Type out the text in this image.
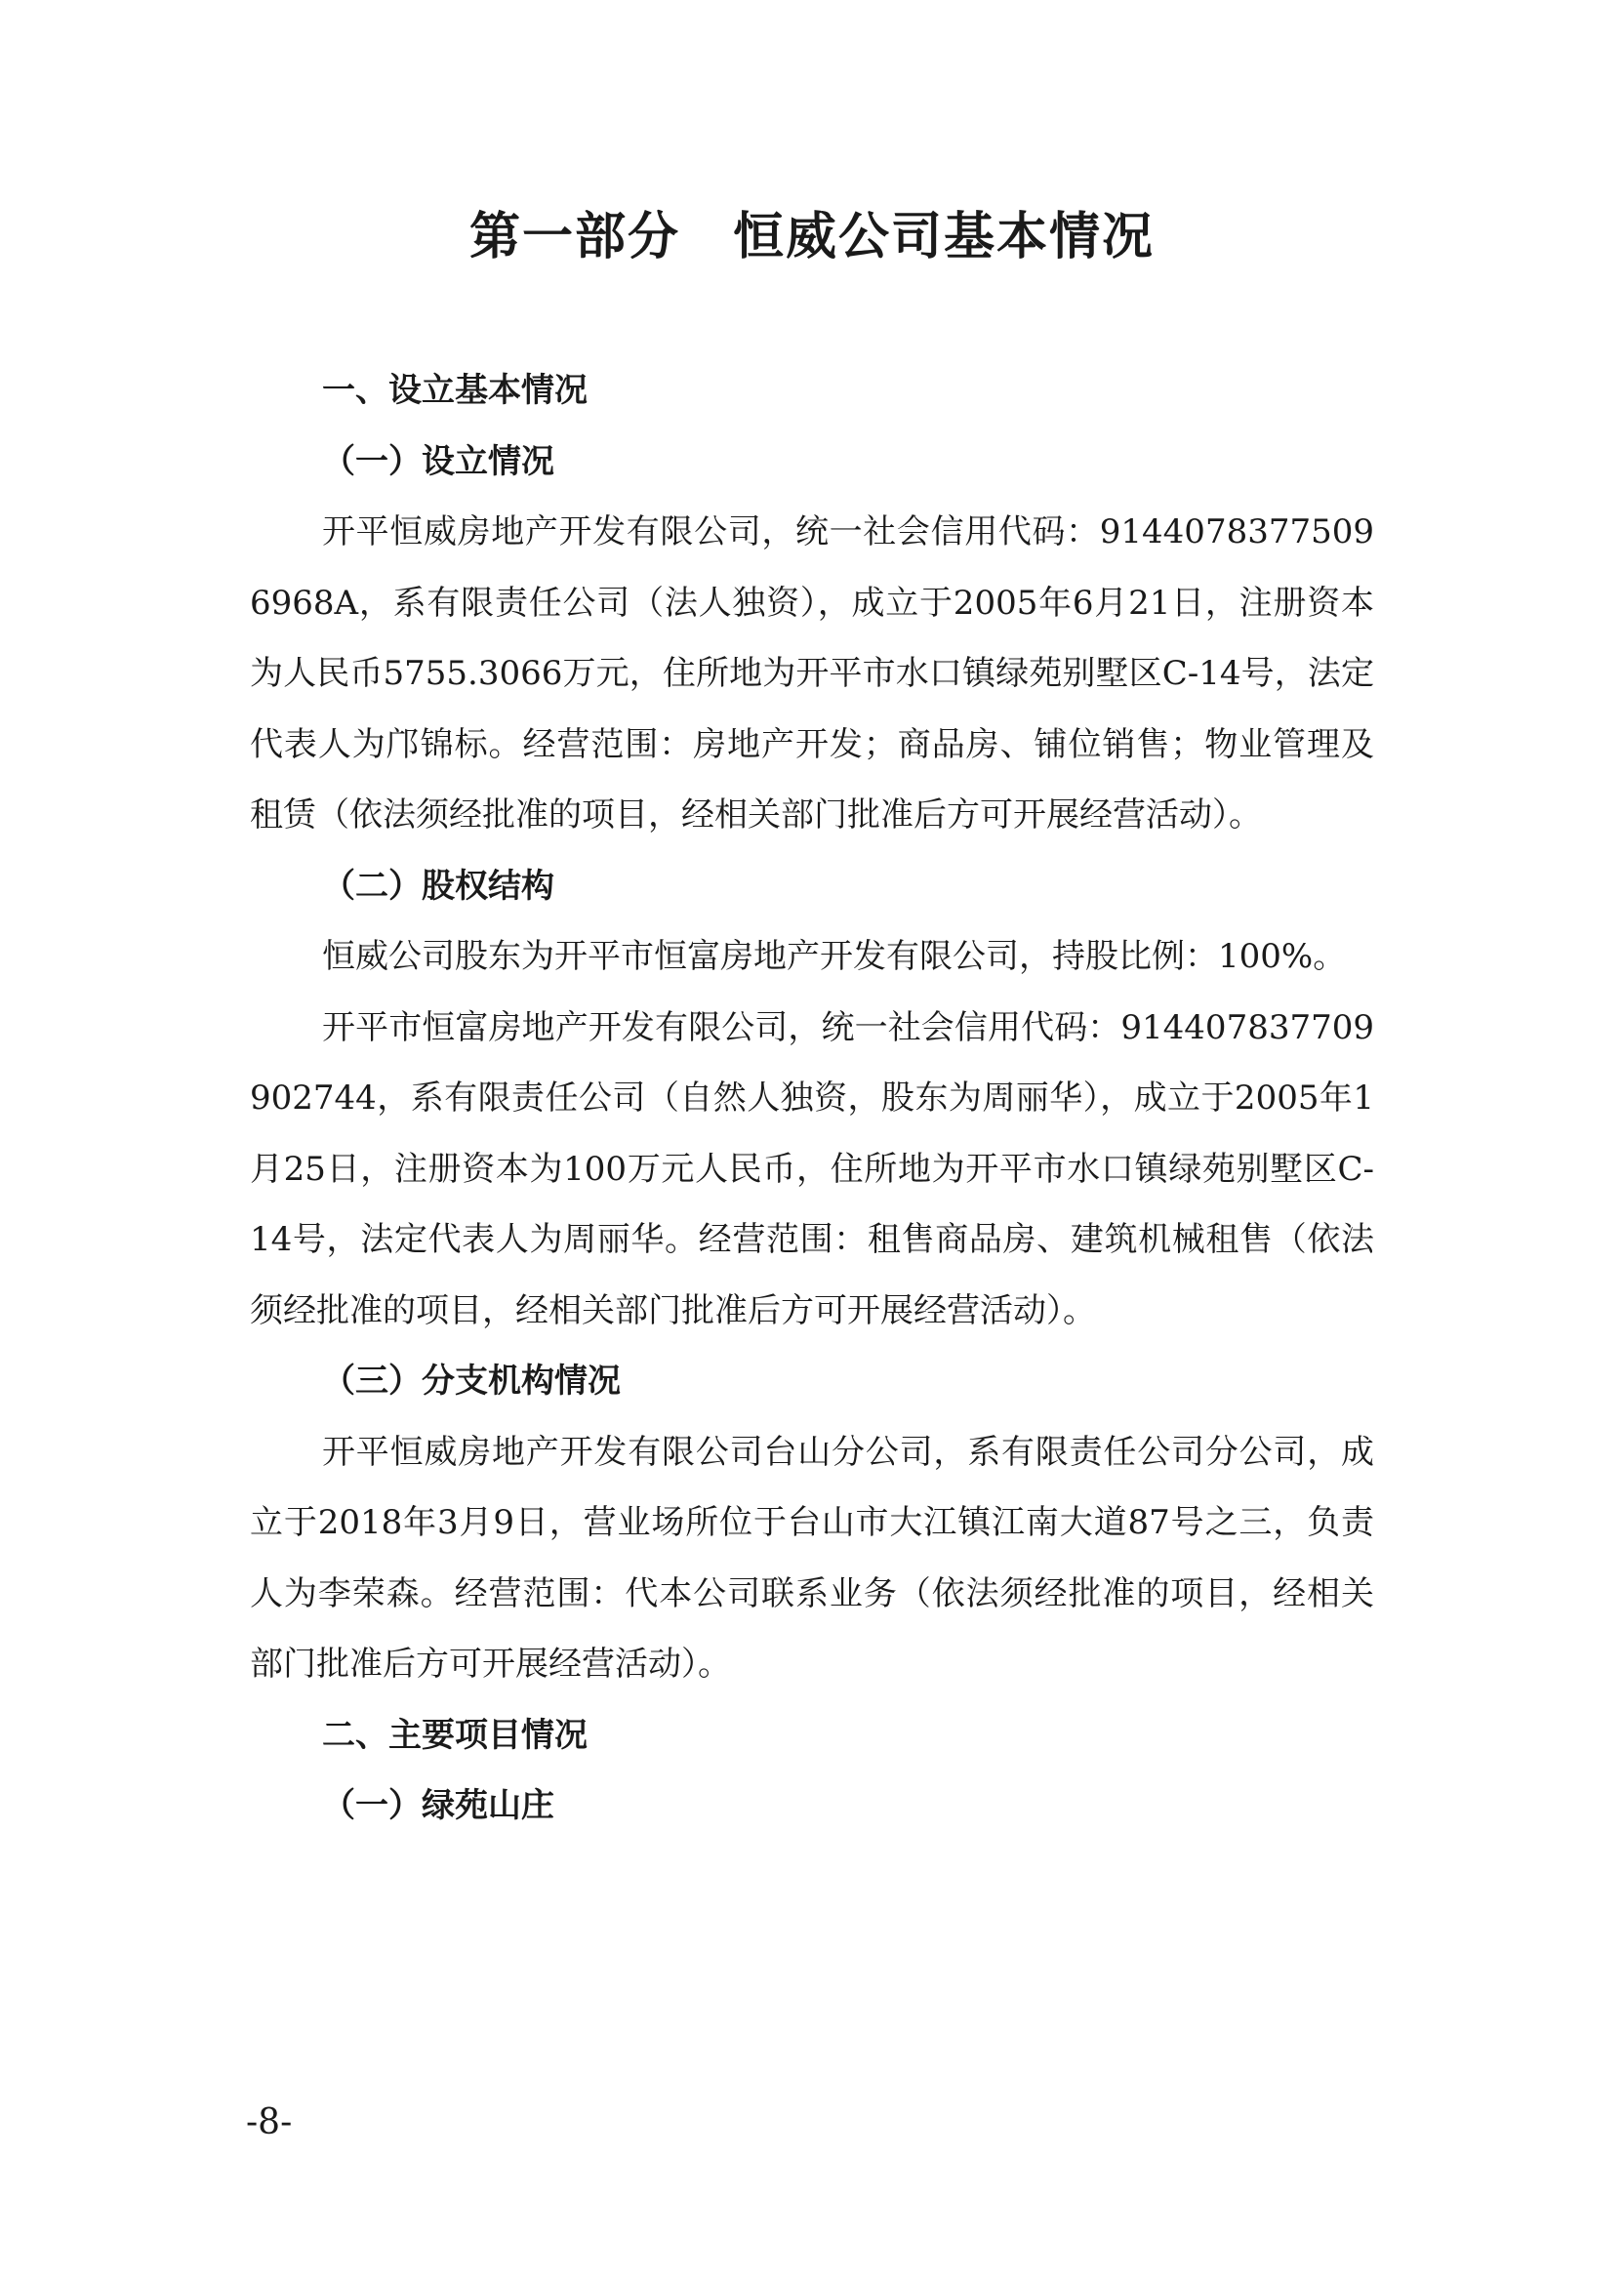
第一部分　恒威公司基本情况

一、设立基本情况

（一）设立情况

开平恒威房地产开发有限公司，统一社会信用代码：91440783775096968A，系有限责任公司（法人独资），成立于2005年6月21日，注册资本为人民币5755.3066万元，住所地为开平市水口镇绿苑别墅区C-14号，法定代表人为邝锦标。经营范围：房地产开发；商品房、铺位销售；物业管理及租赁（依法须经批准的项目，经相关部门批准后方可开展经营活动）。

（二）股权结构

恒威公司股东为开平市恒富房地产开发有限公司，持股比例：100%。

开平市恒富房地产开发有限公司，统一社会信用代码：914407837709902744，系有限责任公司（自然人独资，股东为周丽华），成立于2005年1月25日，注册资本为100万元人民币，住所地为开平市水口镇绿苑别墅区C-14号，法定代表人为周丽华。经营范围：租售商品房、建筑机械租售（依法须经批准的项目，经相关部门批准后方可开展经营活动）。

（三）分支机构情况

开平恒威房地产开发有限公司台山分公司，系有限责任公司分公司，成立于2018年3月9日，营业场所位于台山市大江镇江南大道87号之三，负责人为李荣森。经营范围：代本公司联系业务（依法须经批准的项目，经相关部门批准后方可开展经营活动）。

二、主要项目情况

（一）绿苑山庄

-8-
